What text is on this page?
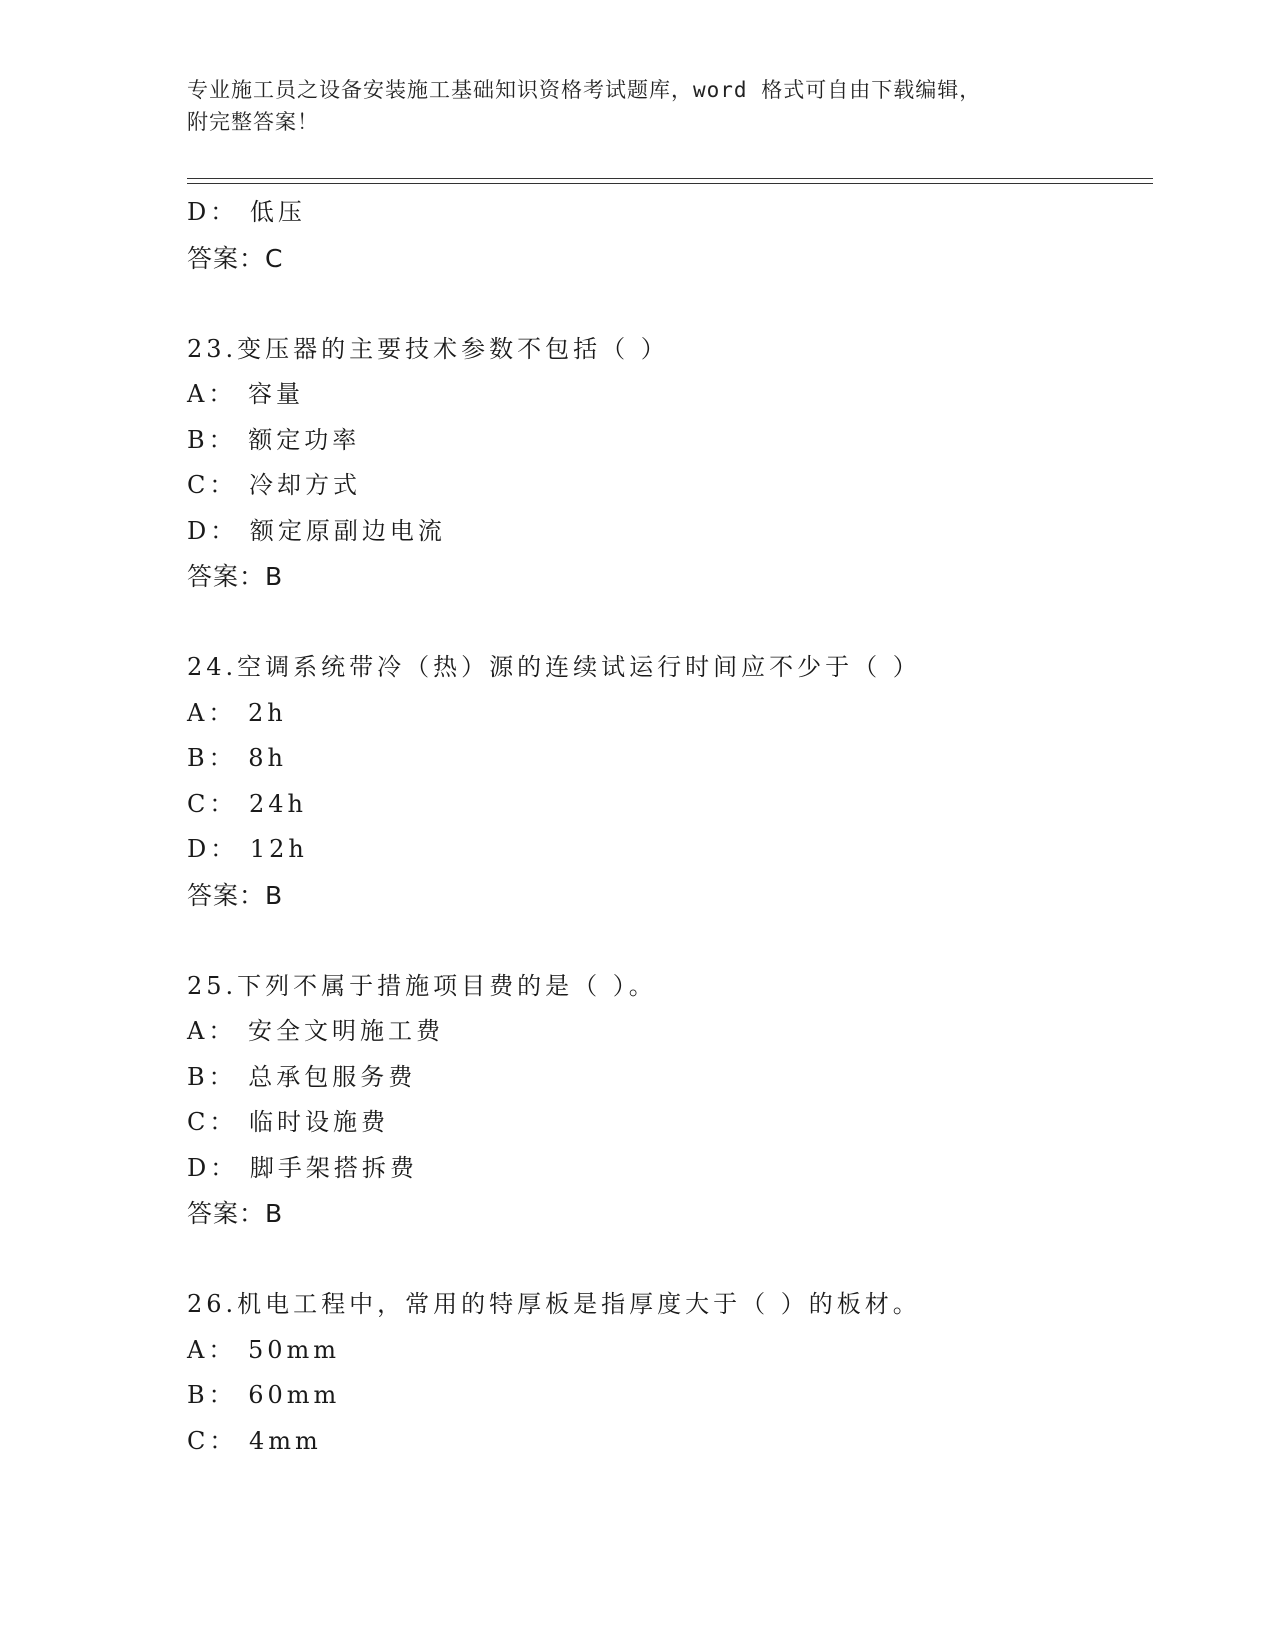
专业施工员之设备安装施工基础知识资格考试题库，word 格式可自由下载编辑，
附完整答案！
D： 低压
答案：C
23.变压器的主要技术参数不包括（ ）
A： 容量
B： 额定功率
C： 冷却方式
D： 额定原副边电流
答案：B
24.空调系统带冷（热）源的连续试运行时间应不少于（ ）
A： 2h
B： 8h
C： 24h
D： 12h
答案：B
25.下列不属于措施项目费的是（ ）。
A： 安全文明施工费
B： 总承包服务费
C： 临时设施费
D： 脚手架搭拆费
答案：B
26.机电工程中，常用的特厚板是指厚度大于（ ）的板材。
A： 50mm
B： 60mm
C： 4mm
